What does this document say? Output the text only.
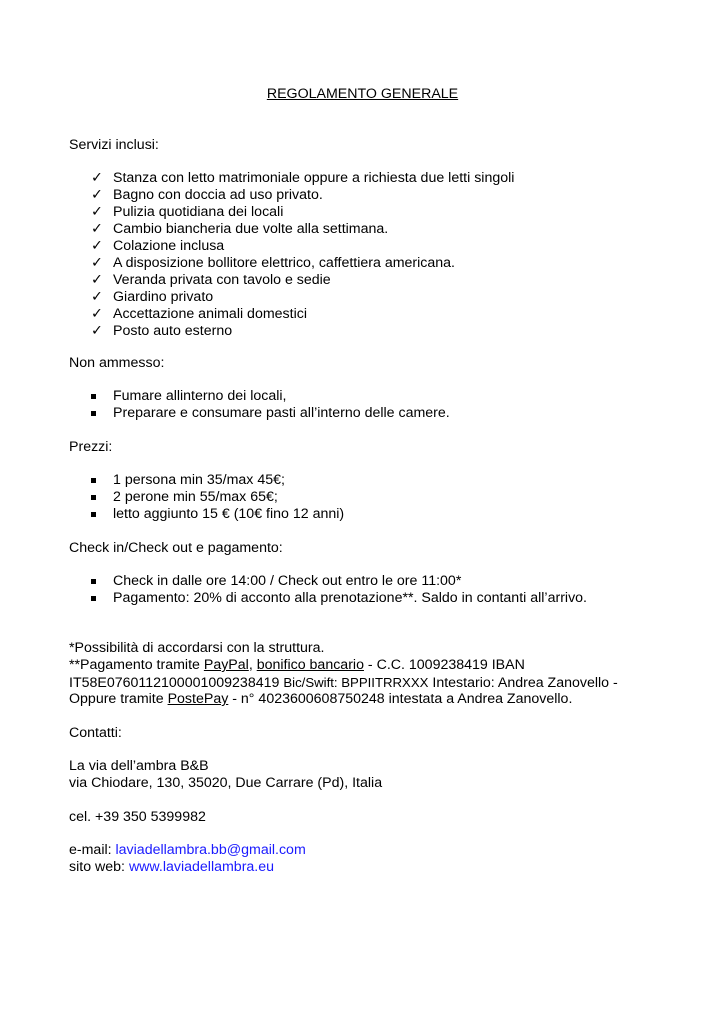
REGOLAMENTO GENERALE
Servizi inclusi:
✓ Stanza con letto matrimoniale oppure a richiesta due letti singoli
✓ Bagno con doccia ad uso privato.
✓ Pulizia quotidiana dei locali
✓ Cambio biancheria due volte alla settimana.
✓ Colazione inclusa
✓ A disposizione bollitore elettrico, caffettiera americana.
✓ Veranda privata con tavolo e sedie
✓ Giardino privato
✓ Accettazione animali domestici
✓ Posto auto esterno
Non ammesso:
Fumare allinterno dei locali,
Preparare e consumare pasti all’interno delle camere.
Prezzi:
1 persona min 35/max 45€;
2 perone min 55/max 65€;
letto aggiunto 15 € (10€ fino 12 anni)
Check in/Check out e pagamento:
Check in dalle ore 14:00 / Check out entro le ore 11:00*
Pagamento: 20% di acconto alla prenotazione**. Saldo in contanti all’arrivo.
*Possibilità di accordarsi con la struttura.
**Pagamento tramite PayPal, bonifico bancario - C.C. 1009238419 IBAN
IT58E0760112100001009238419 Bic/Swift: BPPIITRRXXX Intestario: Andrea Zanovello -
Oppure tramite PostePay - n° 4023600608750248 intestata a Andrea Zanovello.
Contatti:
La via dell’ambra B&B
via Chiodare, 130, 35020, Due Carrare (Pd), Italia
cel. +39 350 5399982
e-mail: laviadellambra.bb@gmail.com
sito web: www.laviadellambra.eu
